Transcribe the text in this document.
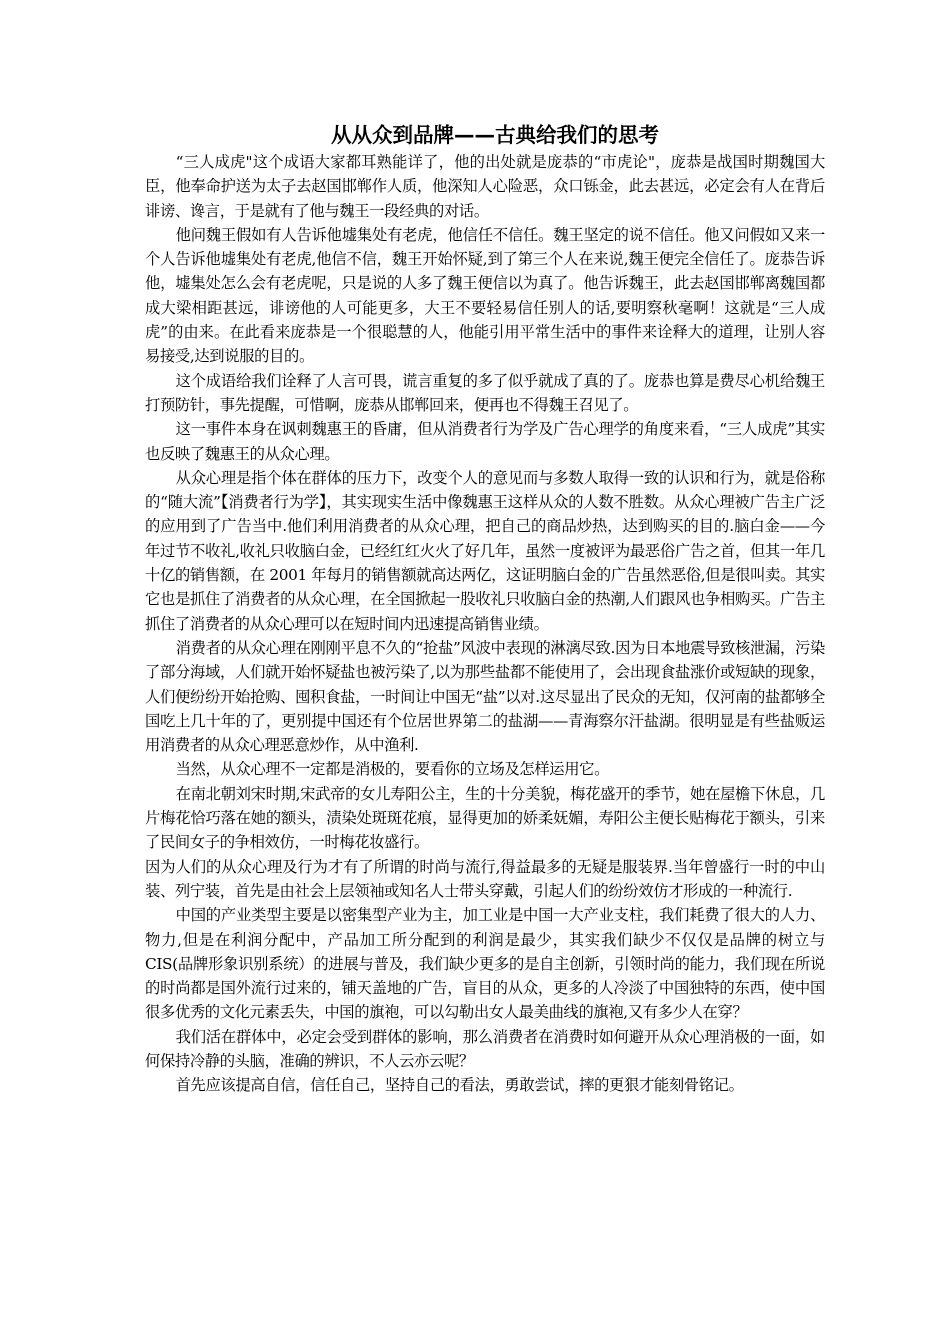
从从众到品牌——古典给我们的思考

“三人成虎"这个成语大家都耳熟能详了，他的出处就是庞恭的“市虎论"，庞恭是战国时期魏国大臣，他奉命护送为太子去赵国邯郸作人质，他深知人心险恶，众口铄金，此去甚远，必定会有人在背后诽谤、谗言，于是就有了他与魏王一段经典的对话。

他问魏王假如有人告诉他墟集处有老虎，他信任不信任。魏王坚定的说不信任。他又问假如又来一个人告诉他墟集处有老虎,他信不信，魏王开始怀疑,到了第三个人在来说,魏王便完全信任了。庞恭告诉他，墟集处怎么会有老虎呢，只是说的人多了魏王便信以为真了。他告诉魏王，此去赵国邯郸离魏国都成大梁相距甚远，诽谤他的人可能更多，大王不要轻易信任别人的话,要明察秋毫啊！这就是“三人成虎”的由来。在此看来庞恭是一个很聪慧的人，他能引用平常生活中的事件来诠释大的道理，让别人容易接受,达到说服的目的。

这个成语给我们诠释了人言可畏，谎言重复的多了似乎就成了真的了。庞恭也算是费尽心机给魏王打预防针，事先提醒，可惜啊，庞恭从邯郸回来，便再也不得魏王召见了。

这一事件本身在讽刺魏惠王的昏庸，但从消费者行为学及广告心理学的角度来看，“三人成虎”其实也反映了魏惠王的从众心理。

从众心理是指个体在群体的压力下，改变个人的意见而与多数人取得一致的认识和行为，就是俗称的“随大流”【消费者行为学】，其实现实生活中像魏惠王这样从众的人数不胜数。从众心理被广告主广泛的应用到了广告当中.他们利用消费者的从众心理，把自己的商品炒热，达到购买的目的.脑白金——今年过节不收礼,收礼只收脑白金，已经红红火火了好几年，虽然一度被评为最恶俗广告之首，但其一年几十亿的销售额，在 2001 年每月的销售额就高达两亿，这证明脑白金的广告虽然恶俗,但是很叫卖。其实它也是抓住了消费者的从众心理，在全国掀起一股收礼只收脑白金的热潮,人们跟风也争相购买。广告主抓住了消费者的从众心理可以在短时间内迅速提高销售业绩。

消费者的从众心理在刚刚平息不久的“抢盐”风波中表现的淋漓尽致.因为日本地震导致核泄漏，污染了部分海域，人们就开始怀疑盐也被污染了,以为那些盐都不能使用了，会出现食盐涨价或短缺的现象，人们便纷纷开始抢购、囤积食盐，一时间让中国无“盐”以对.这尽显出了民众的无知，仅河南的盐都够全国吃上几十年的了，更别提中国还有个位居世界第二的盐湖——青海察尔汗盐湖。很明显是有些盐贩运用消费者的从众心理恶意炒作，从中渔利.

当然，从众心理不一定都是消极的，要看你的立场及怎样运用它。

在南北朝刘宋时期,宋武帝的女儿寿阳公主，生的十分美貌，梅花盛开的季节，她在屋檐下休息，几片梅花恰巧落在她的额头，渍染处斑斑花痕，显得更加的娇柔妩媚，寿阳公主便长贴梅花于额头，引来了民间女子的争相效仿，一时梅花妆盛行。

因为人们的从众心理及行为才有了所谓的时尚与流行,得益最多的无疑是服装界.当年曾盛行一时的中山装、列宁装，首先是由社会上层领袖或知名人士带头穿戴，引起人们的纷纷效仿才形成的一种流行.

中国的产业类型主要是以密集型产业为主，加工业是中国一大产业支柱，我们耗费了很大的人力、物力,但是在利润分配中，产品加工所分配到的利润是最少，其实我们缺少不仅仅是品牌的树立与 CIS(品牌形象识别系统）的进展与普及，我们缺少更多的是自主创新，引领时尚的能力，我们现在所说的时尚都是国外流行过来的，铺天盖地的广告，盲目的从众，更多的人冷淡了中国独特的东西，使中国很多优秀的文化元素丢失，中国的旗袍，可以勾勒出女人最美曲线的旗袍,又有多少人在穿？

我们活在群体中，必定会受到群体的影响，那么消费者在消费时如何避开从众心理消极的一面，如何保持冷静的头脑，准确的辨识，不人云亦云呢？

首先应该提高自信，信任自己，坚持自己的看法，勇敢尝试，摔的更狠才能刻骨铭记。
